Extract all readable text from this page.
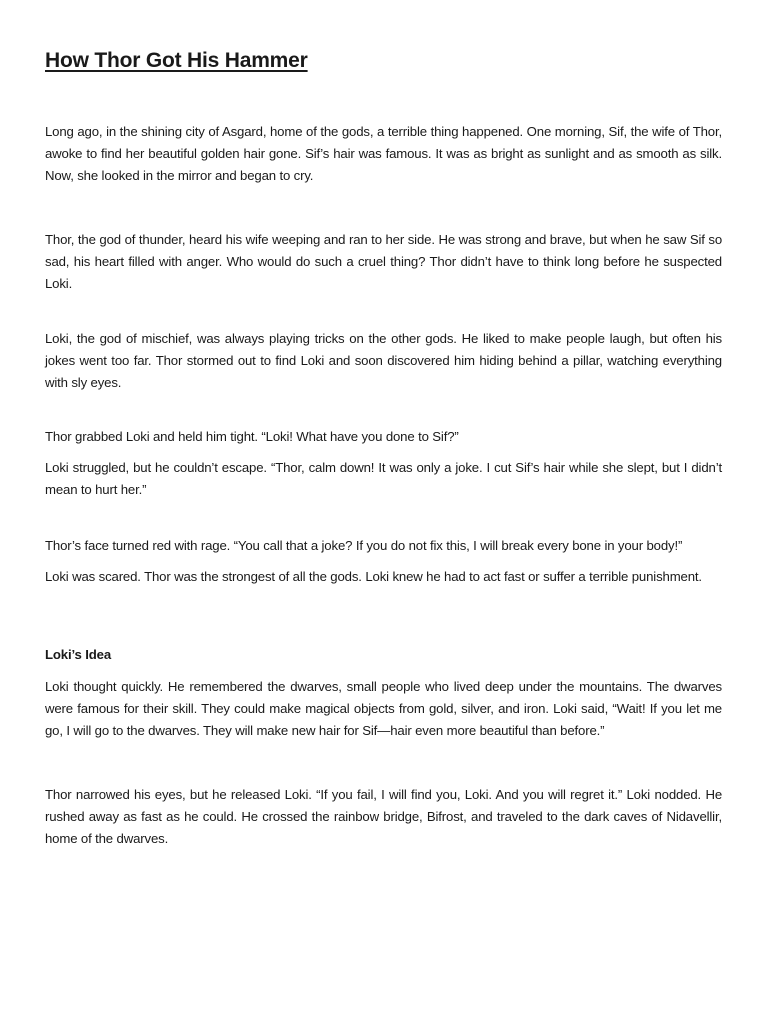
How Thor Got His Hammer

Long ago, in the shining city of Asgard, home of the gods, a terrible thing happened. One morning, Sif, the wife of Thor, awoke to find her beautiful golden hair gone. Sif’s hair was famous. It was as bright as sunlight and as smooth as silk. Now, she looked in the mirror and began to cry.

Thor, the god of thunder, heard his wife weeping and ran to her side. He was strong and brave, but when he saw Sif so sad, his heart filled with anger. Who would do such a cruel thing? Thor didn’t have to think long before he suspected Loki.

Loki, the god of mischief, was always playing tricks on the other gods. He liked to make people laugh, but often his jokes went too far. Thor stormed out to find Loki and soon discovered him hiding behind a pillar, watching everything with sly eyes.

Thor grabbed Loki and held him tight. “Loki! What have you done to Sif?”

Loki struggled, but he couldn’t escape. “Thor, calm down! It was only a joke. I cut Sif’s hair while she slept, but I didn’t mean to hurt her.”

Thor’s face turned red with rage. “You call that a joke? If you do not fix this, I will break every bone in your body!”

Loki was scared. Thor was the strongest of all the gods. Loki knew he had to act fast or suffer a terrible punishment.

Loki’s Idea

Loki thought quickly. He remembered the dwarves, small people who lived deep under the mountains. The dwarves were famous for their skill. They could make magical objects from gold, silver, and iron. Loki said, “Wait! If you let me go, I will go to the dwarves. They will make new hair for Sif—hair even more beautiful than before.”

Thor narrowed his eyes, but he released Loki. “If you fail, I will find you, Loki. And you will regret it.” Loki nodded. He rushed away as fast as he could. He crossed the rainbow bridge, Bifrost, and traveled to the dark caves of Nidavellir, home of the dwarves.
